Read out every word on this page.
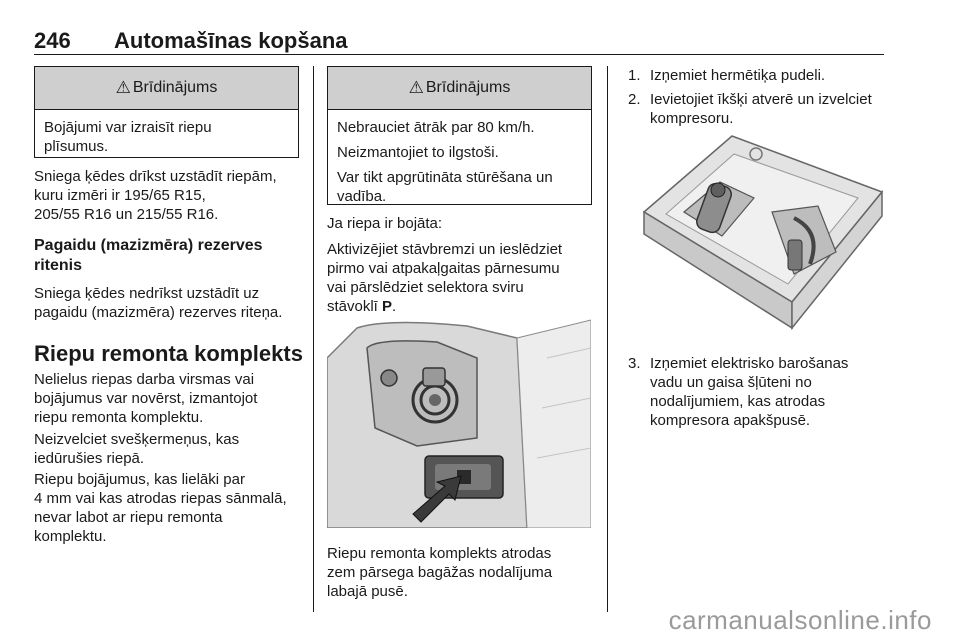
246 Automašīnas kopšana
⚠ Brīdinājums
Bojājumi var izraisīt riepu
plīsumus.
Sniega ķēdes drīkst uzstādīt riepām,
kuru izmēri ir 195/65 R15,
205/55 R16 un 215/55 R16.
Pagaidu (mazizmēra) rezerves
ritenis
Sniega ķēdes nedrīkst uzstādīt uz
pagaidu (mazizmēra) rezerves riteņa.
Riepu remonta komplekts
Nelielus riepas darba virsmas vai
bojājumus var novērst, izmantojot
riepu remonta komplektu.
Neizvelciet svešķermeņus, kas
iedūrušies riepā.
Riepu bojājumus, kas lielāki par
4 mm vai kas atrodas riepas sānmalā,
nevar labot ar riepu remonta
komplektu.
⚠ Brīdinājums

Nebrauciet ātrāk par 80 km/h.

Neizmantojiet to ilgstoši.

Var tikt apgrūtināta stūrēšana un
vadība.

Ja riepa ir bojāta:
Aktivizējiet stāvbremzi un ieslēdziet
pirmo vai atpakaļgaitas pārnesumu
vai pārslēdziet selektora sviru
stāvoklī P.
Riepu remonta komplekts atrodas
zem pārsega bagāžas nodalījuma
labajā pusē.
1. Izņemiet hermētiķa pudeli.
2. Ievietojiet īkšķi atverē un izvelciet
kompresoru.
3. Izņemiet elektrisko barošanas
vadu un gaisa šļūteni no
nodalījumiem, kas atrodas
kompresora apakšpusē.
carmanualsonline.info
